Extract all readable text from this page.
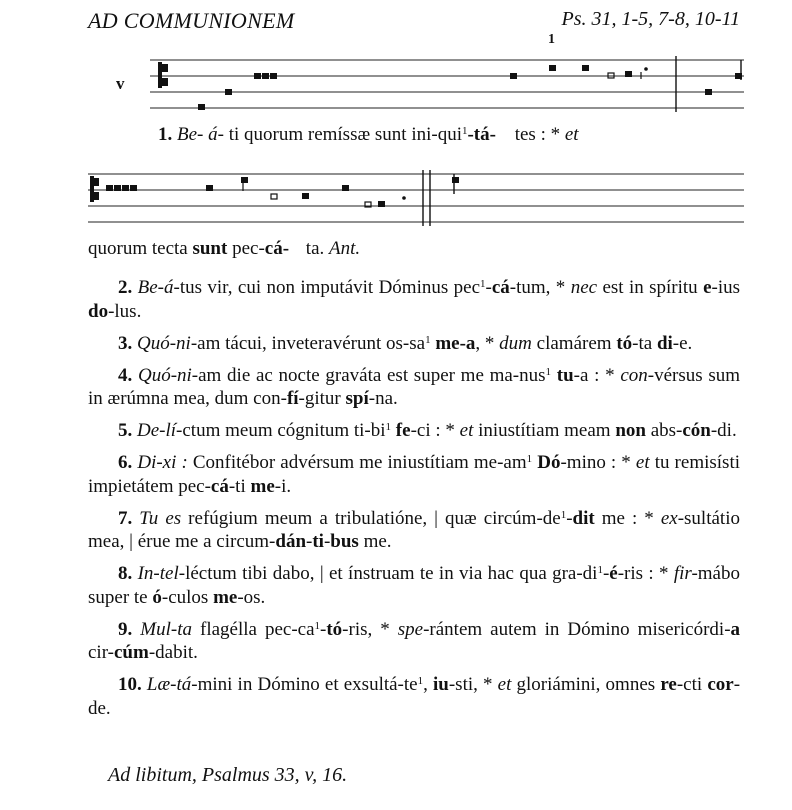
AD COMMUNIONEM	Ps. 31, 1-5, 7-8, 10-11
v
1
1. Be- á- ti quorum remíssæ sunt ini-qui$^1$-tá- tes : * et
quorum tecta sunt pec-cá- ta. Ant.

2. Be-á-tus vir, cui non imputávit Dóminus pec$^1$-cá-tum, * nec est in spíritu e-ius do-lus.

3. Quó-ni-am tácui, inveteravérunt $os-sa^1$ me-a, * dum clamárem tó-ta di-e.

4. Quó-ni-am die ac nocte graváta est super me ma-nus$^1$ tu-a : * con-vérsus sum in ærúmna mea, dum con-fí-gitur spí-na.

5. De-lí-ctum meum cógnitum $ti-bi^1$ fe-ci : * et iniustítiam meam non abs-cón-di.

6. Di-xi : Confitébor advérsum me iniustítiam $me-am^1$ Dó-mino : * et tu remisísti impietátem pec-cá-ti me-i.

7. Tu es refúgium meum a tribulatióne, | quæ circúm-$de^1$-dit me : * ex-sultátio mea, | érue me a circum-dán-ti-bus me.

8. In-tel-léctum tibi dabo, | et ínstruam te in via hac qua gra-$di^1-é$-ris : * fir-mábo super te ó-culos me-os.

9. Mul-ta flagélla pec-$ca^1-tó$-ris, * spe-rántem autem in Dómino misericórdi-a cir-cúm-dabit.

10. Læ-tá-mini in Dómino et exsultá-$te^1$, iu-sti, * et gloriámini, omnes re-cti cor-de.

Ad libitum, Psalmus 33, v, 16.
